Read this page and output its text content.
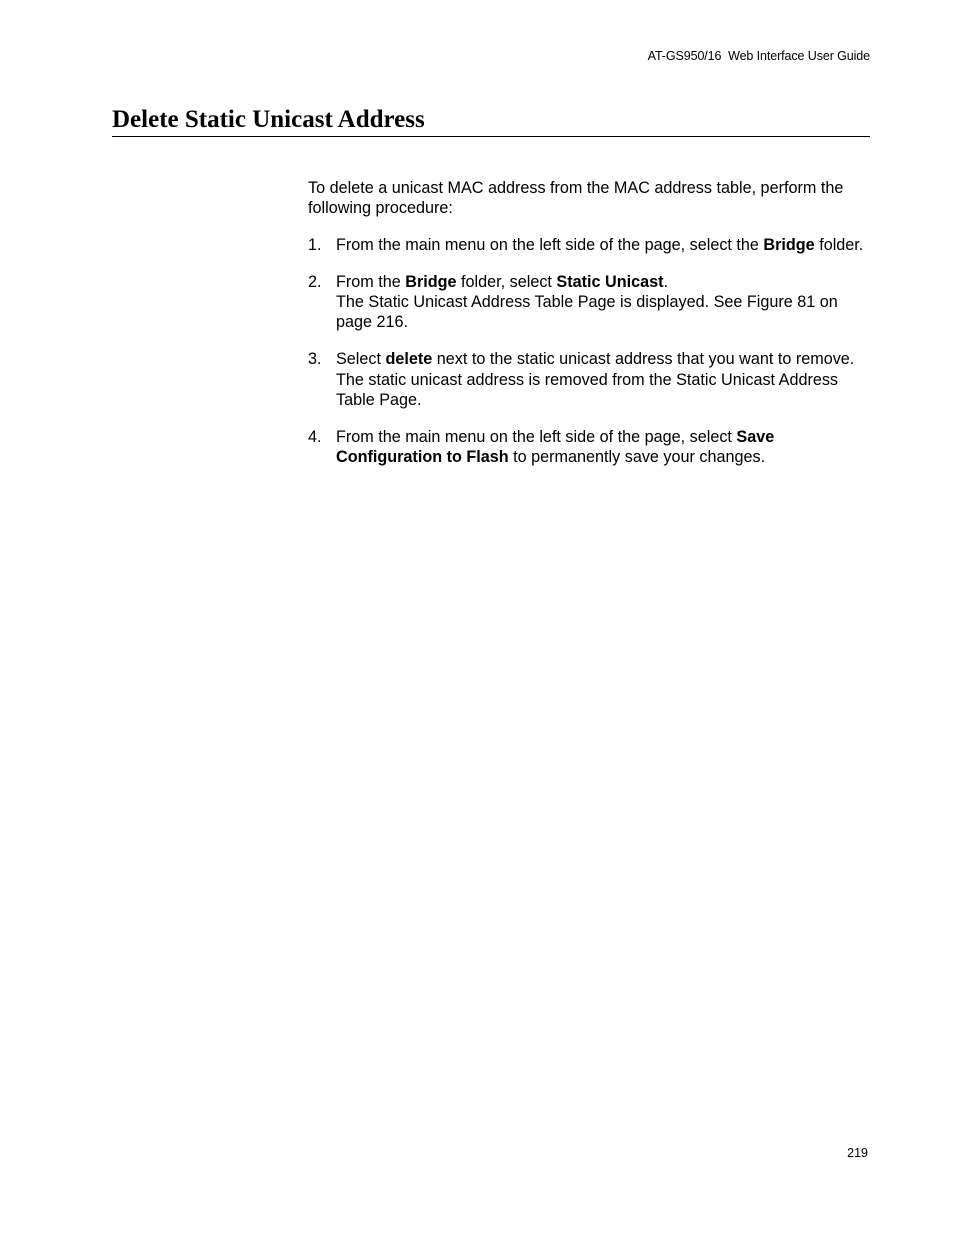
AT-GS950/16  Web Interface User Guide
Delete Static Unicast Address

To delete a unicast MAC address from the MAC address table, perform the following procedure:

1. From the main menu on the left side of the page, select the Bridge folder.
2. From the Bridge folder, select Static Unicast.
The Static Unicast Address Table Page is displayed. See Figure 81 on page 216.
3. Select delete next to the static unicast address that you want to remove.
The static unicast address is removed from the Static Unicast Address Table Page.
4. From the main menu on the left side of the page, select Save Configuration to Flash to permanently save your changes.
219
